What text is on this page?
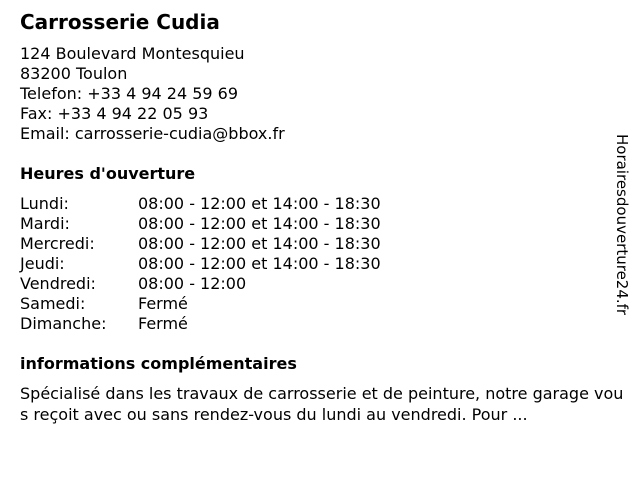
Carrosserie Cudia
124 Boulevard Montesquieu
83200 Toulon
Telefon: +33 4 94 24 59 69
Fax: +33 4 94 22 05 93
Email: carrosserie-cudia@bbox.fr
Heures d'ouverture
Lundi:	08:00 - 12:00 et 14:00 - 18:30
Mardi:	08:00 - 12:00 et 14:00 - 18:30
Mercredi:	08:00 - 12:00 et 14:00 - 18:30
Jeudi:	08:00 - 12:00 et 14:00 - 18:30
Vendredi:	08:00 - 12:00
Samedi:	Fermé
Dimanche: Fermé
informations complémentaires
Spécialisé dans les travaux de carrosserie et de peinture, notre garage vous reçoit avec ou sans rendez-vous du lundi au vendredi. Pour ...
Horairesdouverture24.fr
